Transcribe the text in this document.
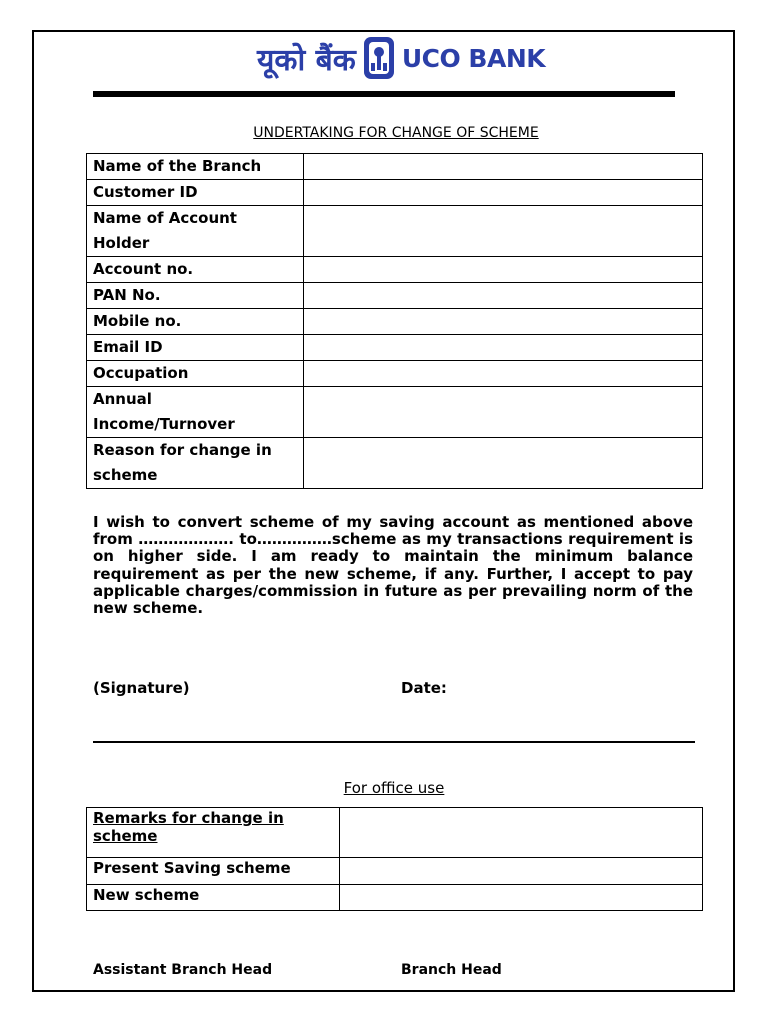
यूको बैंक UCO BANK
UNDERTAKING FOR CHANGE OF SCHEME
Name of the Branch	
Customer ID	
Name of Account Holder	
Account no.	
PAN No.	
Mobile no.	
Email ID	
Occupation	
Annual Income/Turnover	
Reason for change in scheme	
I wish to convert scheme of my saving account as mentioned above from ………………. to……………scheme as my transactions requirement is on higher side. I am ready to maintain the minimum balance requirement as per the new scheme, if any. Further, I accept to pay applicable charges/commission in future as per prevailing norm of the new scheme.
(Signature)	Date:
For office use
Remarks for change in scheme	
Present Saving scheme	
New scheme	
Assistant Branch Head	Branch Head
